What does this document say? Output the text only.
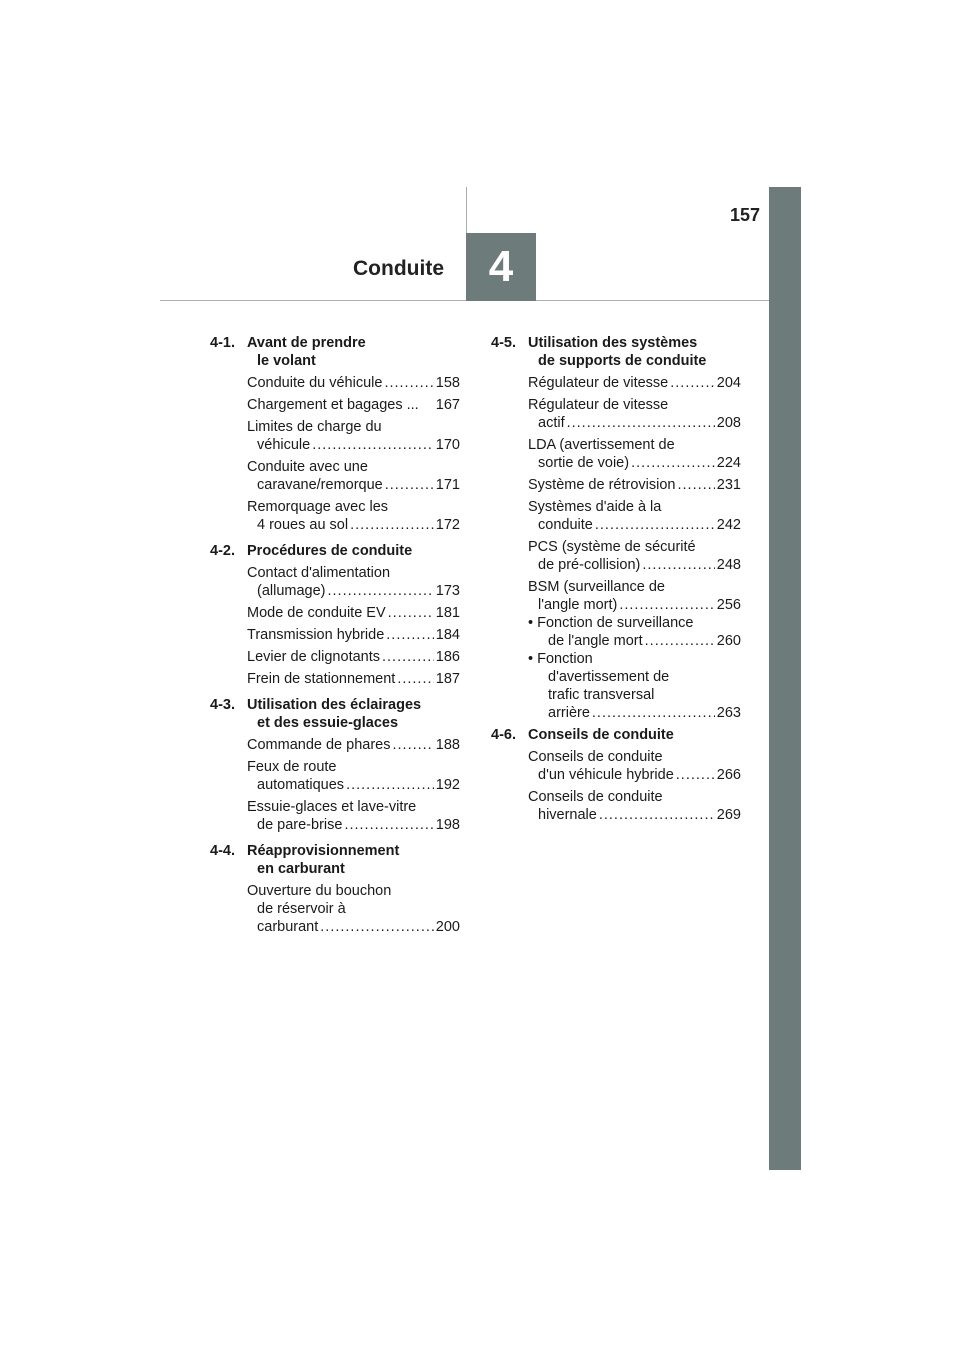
157
Conduite	4
4-1. Avant de prendre
le volant
Conduite du véhicule .....	158
Chargement et bagages ... 167
Limites de charge du
véhicule .....	170
Conduite avec une
caravane/remorque .....	171
Remorquage avec les
4 roues au sol .....	172
4-2. Procédures de conduite
Contact d'alimentation
(allumage) .....	173
Mode de conduite EV .....	181
Transmission hybride .....	184
Levier de clignotants .....	186
Frein de stationnement .....	187
4-3. Utilisation des éclairages
et des essuie-glaces
Commande de phares .....	188
Feux de route
automatiques .....	192
Essuie-glaces et lave-vitre
de pare-brise .....	198
4-4. Réapprovisionnement
en carburant
Ouverture du bouchon
de réservoir à
carburant .....	200
4-5. Utilisation des systèmes
de supports de conduite
Régulateur de vitesse .....	204
Régulateur de vitesse
actif .....	208
LDA (avertissement de
sortie de voie) .....	224
Système de rétrovision .....	231
Systèmes d'aide à la
conduite .....	242
PCS (système de sécurité
de pré-collision) .....	248
BSM (surveillance de
l'angle mort) .....	256
• Fonction de surveillance
de l'angle mort .....	260
• Fonction
d'avertissement de
trafic transversal
arrière .....	263
4-6. Conseils de conduite
Conseils de conduite
d'un véhicule hybride .....	266
Conseils de conduite
hivernale .....	269
